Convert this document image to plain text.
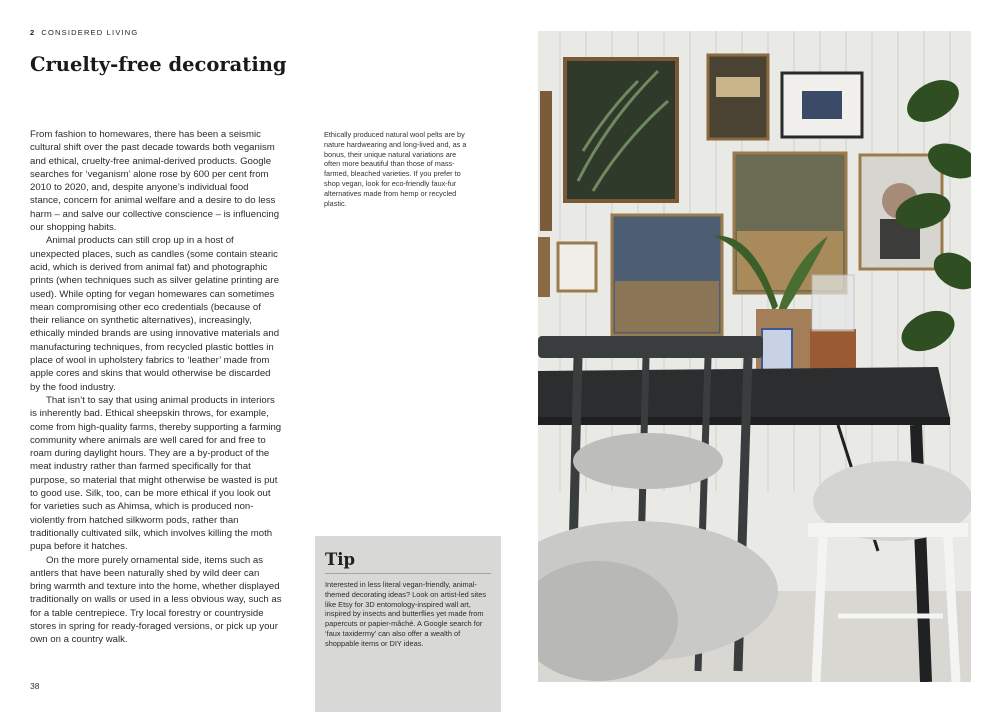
2 CONSIDERED LIVING
Cruelty-free decorating

From fashion to homewares, there has been a seismic cultural shift over the past decade towards both veganism and ethical, cruelty-free animal-derived products. Google searches for ‘veganism’ alone rose by 600 per cent from 2010 to 2020, and, despite anyone’s individual food stance, concern for animal welfare and a desire to do less harm – and salve our collective conscience – is influencing our shopping habits.

Animal products can still crop up in a host of unexpected places, such as candles (some contain stearic acid, which is derived from animal fat) and photographic prints (when techniques such as silver gelatine printing are used). While opting for vegan homewares can sometimes mean compromising other eco credentials (because of their reliance on synthetic alternatives), increasingly, ethically minded brands are using innovative materials and manufacturing techniques, from recycled plastic bottles in place of wool in upholstery fabrics to ‘leather’ made from apple cores and skins that would otherwise be discarded by the food industry.

That isn’t to say that using animal products in interiors is inherently bad. Ethical sheepskin throws, for example, come from high-quality farms, thereby supporting a farming community where animals are well cared for and free to roam during daylight hours. They are a by-product of the meat industry rather than farmed specifically for that purpose, so material that might otherwise be wasted is put to good use. Silk, too, can be more ethical if you look out for varieties such as Ahimsa, which is produced non-violently from hatched silkworm pods, rather than traditionally cultivated silk, which involves killing the moth pupa before it hatches.

On the more purely ornamental side, items such as antlers that have been naturally shed by wild deer can bring warmth and texture into the home, whether displayed traditionally on walls or used in a less obvious way, such as for a table centrepiece. Try local forestry or countryside stores in spring for ready-foraged versions, or pick up your own on a country walk.

Ethically produced natural wool pelts are by nature hardwearing and long-lived and, as a bonus, their unique natural variations are often more beautiful than those of mass-farmed, bleached varieties. If you prefer to shop vegan, look for eco-friendly faux-fur alternatives made from hemp or recycled plastic.
Tip

Interested in less literal vegan-friendly, animal-themed decorating ideas? Look on artist-led sites like Etsy for 3D entomology-inspired wall art, inspired by insects and butterflies yet made from papercuts or papier-mâché. A Google search for ‘faux taxidermy’ can also offer a wealth of shoppable items or DIY ideas.

38
